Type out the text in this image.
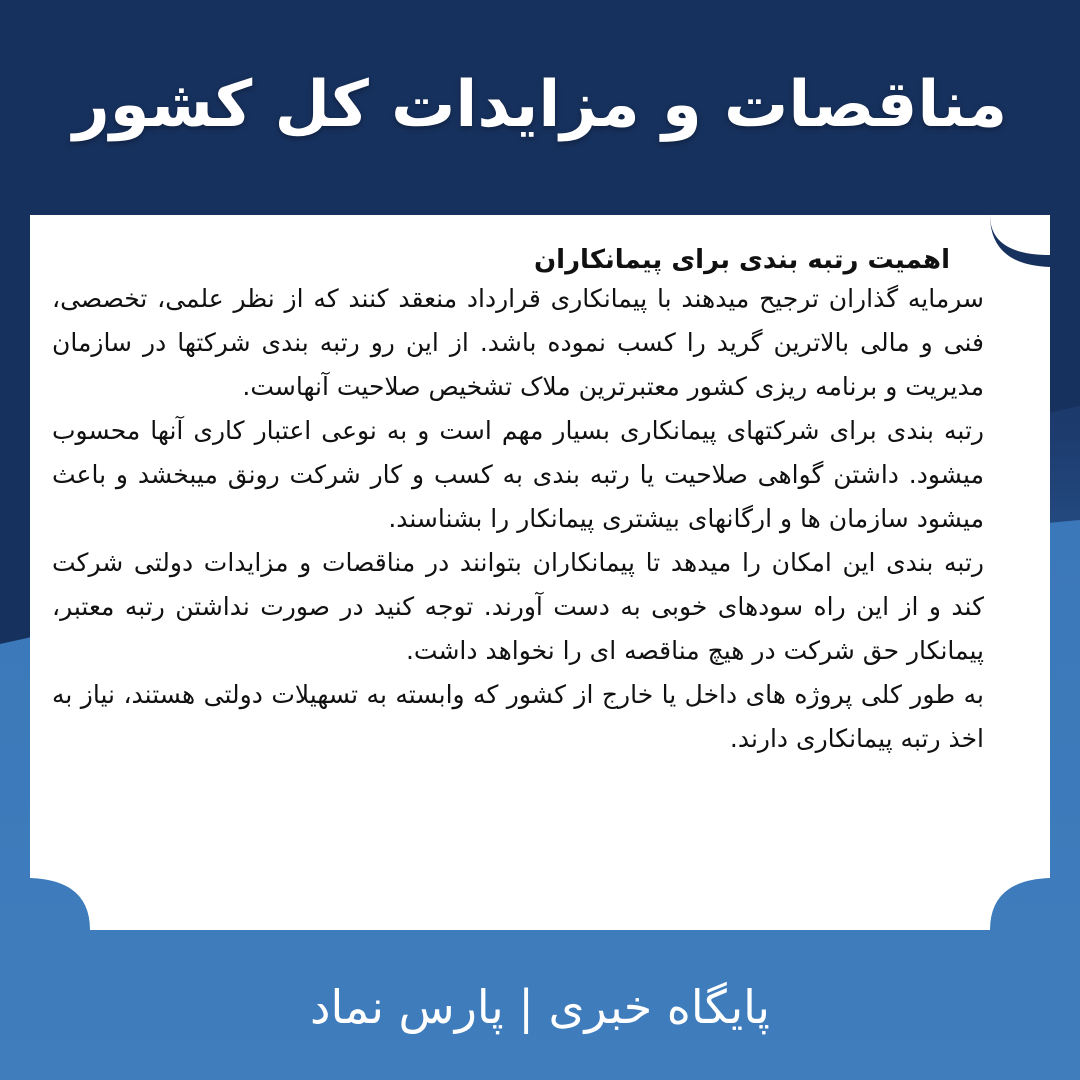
مناقصات و مزایدات کل کشور
اهمیت رتبه بندی برای پیمانکاران

سرمایه گذاران ترجیح میدهند با پیمانکاری قرارداد منعقد کنند که از نظر علمی، تخصصی، فنی و مالی بالاترین گرید را کسب نموده باشد. از این رو رتبه بندی شرکتها در سازمان مدیریت و برنامه ریزی کشور معتبرترین ملاک تشخیص صلاحیت آنهاست.

رتبه بندی برای شرکتهای پیمانکاری بسیار مهم است و به نوعی اعتبار کاری آنها محسوب میشود. داشتن گواهی صلاحیت یا رتبه بندی به کسب و کار شرکت رونق میبخشد و باعث میشود سازمان ها و ارگانهای بیشتری پیمانکار را بشناسند.

رتبه بندی این امکان را میدهد تا پیمانکاران بتوانند در مناقصات و مزایدات دولتی شرکت کند و از این راه سودهای خوبی به دست آورند. توجه کنید در صورت نداشتن رتبه معتبر، پیمانکار حق شرکت در هیچ مناقصه ای را نخواهد داشت.

به طور کلی پروژه های داخل یا خارج از کشور که وابسته به تسهیلات دولتی هستند، نیاز به اخذ رتبه پیمانکاری دارند.

پایگاه خبری | پارس نماد
